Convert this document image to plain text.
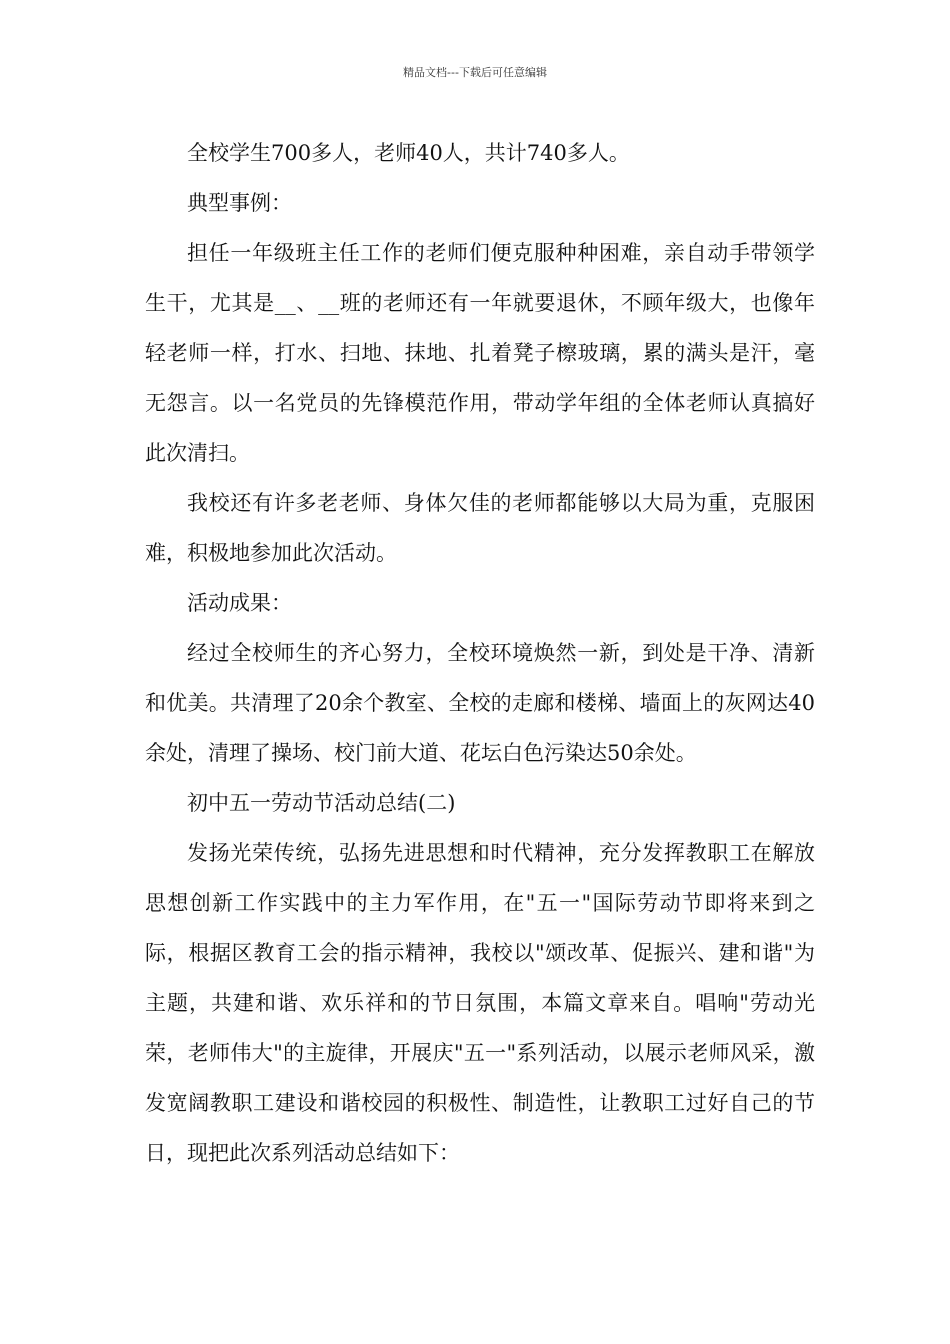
精品文档---下载后可任意编辑

全校学生700多人，老师40人，共计740多人。

典型事例：

担任一年级班主任工作的老师们便克服种种困难，亲自动手带领学生干，尤其是__、__班的老师还有一年就要退休，不顾年级大，也像年轻老师一样，打水、扫地、抹地、扎着凳子檫玻璃，累的满头是汗，毫无怨言。以一名党员的先锋模范作用，带动学年组的全体老师认真搞好此次清扫。

我校还有许多老老师、身体欠佳的老师都能够以大局为重，克服困难，积极地参加此次活动。

活动成果：

经过全校师生的齐心努力，全校环境焕然一新，到处是干净、清新和优美。共清理了20余个教室、全校的走廊和楼梯、墙面上的灰网达40余处，清理了操场、校门前大道、花坛白色污染达50余处。

初中五一劳动节活动总结(二)

发扬光荣传统，弘扬先进思想和时代精神，充分发挥教职工在解放思想创新工作实践中的主力军作用，在"五一"国际劳动节即将来到之际，根据区教育工会的指示精神，我校以"颂改革、促振兴、建和谐"为主题，共建和谐、欢乐祥和的节日氛围，本篇文章来自。唱响"劳动光荣，老师伟大"的主旋律，开展庆"五一"系列活动，以展示老师风采，激发宽阔教职工建设和谐校园的积极性、制造性，让教职工过好自己的节日，现把此次系列活动总结如下：
